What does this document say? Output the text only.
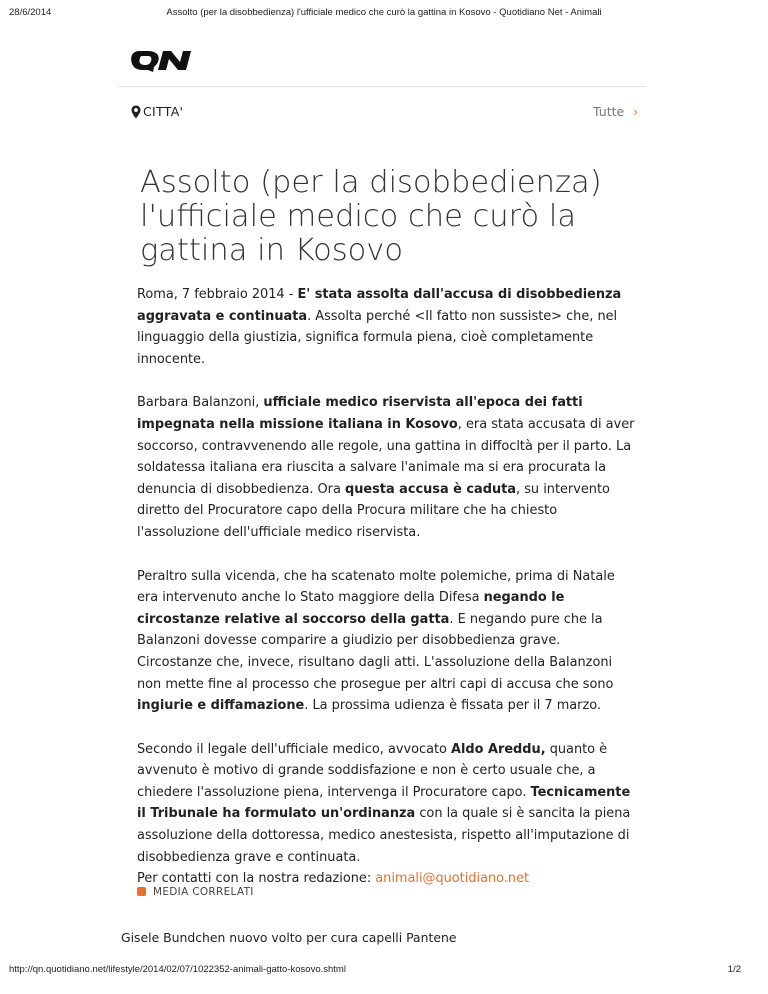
28/6/2014	Assolto (per la disobbedienza) l'ufficiale medico che curò la gattina in Kosovo - Quotidiano Net - Animali
CITTA'	Tutte ›
Assolto (per la disobbedienza) l'ufficiale medico che curò la gattina in Kosovo

Roma, 7 febbraio 2014 - E' stata assolta dall'accusa di disobbedienza aggravata e continuata. Assolta perché <Il fatto non sussiste> che, nel linguaggio della giustizia, significa formula piena, cioè completamente innocente.

Barbara Balanzoni, ufficiale medico riservista all'epoca dei fatti impegnata nella missione italiana in Kosovo, era stata accusata di aver soccorso, contravvenendo alle regole, una gattina in diffocltà per il parto. La soldatessa italiana era riuscita a salvare l'animale ma si era procurata la denuncia di disobbedienza. Ora questa accusa è caduta, su intervento diretto del Procuratore capo della Procura militare che ha chiesto l'assoluzione dell'ufficiale medico riservista.

Peraltro sulla vicenda, che ha scatenato molte polemiche, prima di Natale era intervenuto anche lo Stato maggiore della Difesa negando le circostanze relative al soccorso della gatta. E negando pure che la Balanzoni dovesse comparire a giudizio per disobbedienza grave. Circostanze che, invece, risultano dagli atti. L'assoluzione della Balanzoni non mette fine al processo che prosegue per altri capi di accusa che sono ingiurie e diffamazione. La prossima udienza è fissata per il 7 marzo.

Secondo il legale dell'ufficiale medico, avvocato Aldo Areddu, quanto è avvenuto è motivo di grande soddisfazione e non è certo usuale che, a chiedere l'assoluzione piena, intervenga il Procuratore capo. Tecnicamente il Tribunale ha formulato un'ordinanza con la quale si è sancita la piena assoluzione della dottoressa, medico anestesista, rispetto all'imputazione di disobbedienza grave e continuata.
Per contatti con la nostra redazione: animali@quotidiano.net

MEDIA CORRELATI
Gisele Bundchen nuovo volto per cura capelli Pantene
http://qn.quotidiano.net/lifestyle/2014/02/07/1022352-animali-gatto-kosovo.shtml	1/2
